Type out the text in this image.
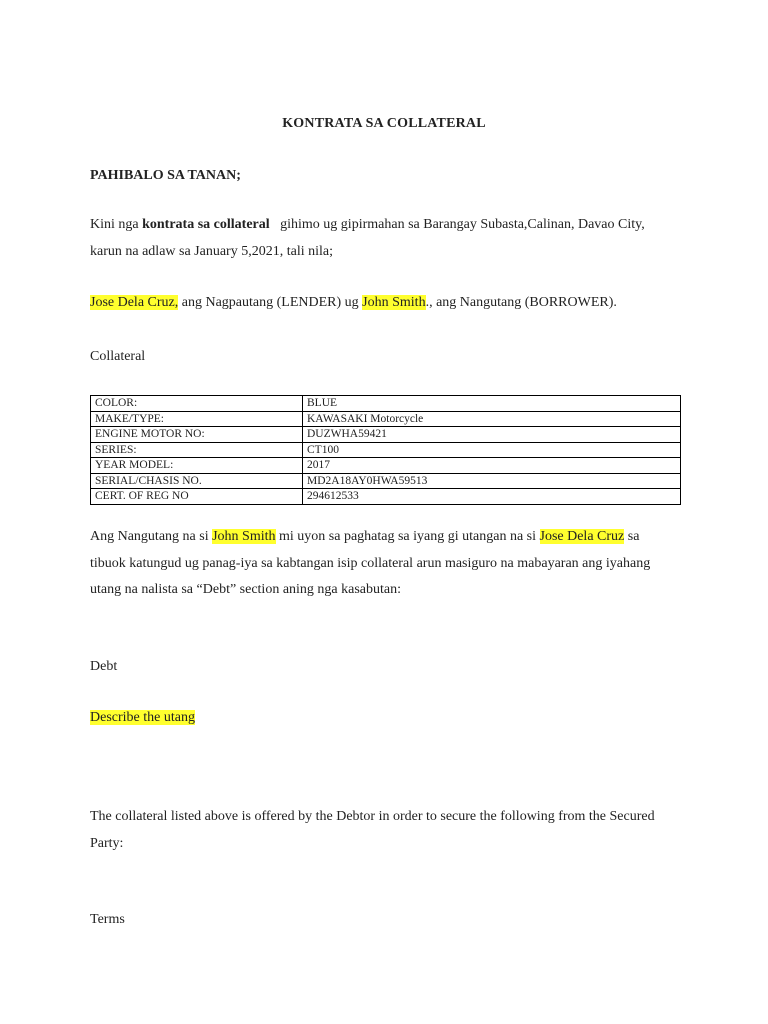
KONTRATA SA COLLATERAL

PAHIBALO SA TANAN;

Kini nga kontrata sa collateral gihimo ug gipirmahan sa Barangay Subasta,Calinan, Davao City, karun na adlaw sa January 5,2021, tali nila;

Jose Dela Cruz, ang Nagpautang (LENDER) ug John Smith., ang Nangutang (BORROWER).

Collateral

COLOR:	BLUE
MAKE/TYPE:	KAWASAKI Motorcycle
ENGINE MOTOR NO:	DUZWHA59421
SERIES:	CT100
YEAR MODEL:	2017
SERIAL/CHASIS NO.	MD2A18AY0HWA59513
CERT. OF REG NO	294612533

Ang Nangutang na si John Smith mi uyon sa paghatag sa iyang gi utangan na si Jose Dela Cruz sa tibuok katungud ug panag-iya sa kabtangan isip collateral arun masiguro na mabayaran ang iyahang utang na nalista sa “Debt” section aning nga kasabutan:

Debt

Describe the utang

The collateral listed above is offered by the Debtor in order to secure the following from the Secured Party:

Terms
